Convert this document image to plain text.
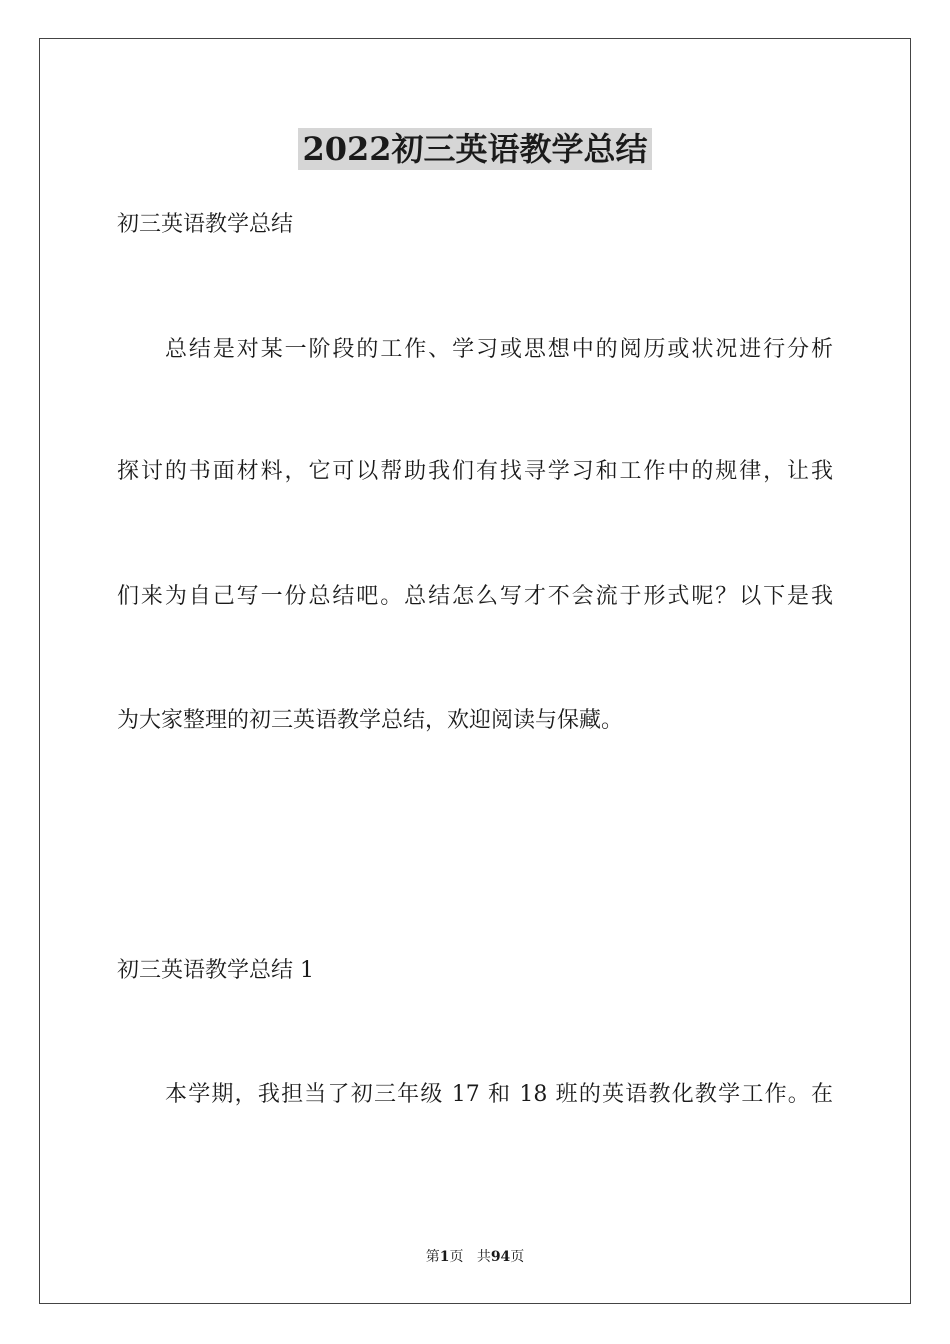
2022初三英语教学总结
初三英语教学总结
总结是对某一阶段的工作、学习或思想中的阅历或状况进行分析
探讨的书面材料，它可以帮助我们有找寻学习和工作中的规律，让我
们来为自己写一份总结吧。总结怎么写才不会流于形式呢？以下是我
为大家整理的初三英语教学总结，欢迎阅读与保藏。
初三英语教学总结 1
本学期，我担当了初三年级 17 和 18 班的英语教化教学工作。在
第1页 共94页
